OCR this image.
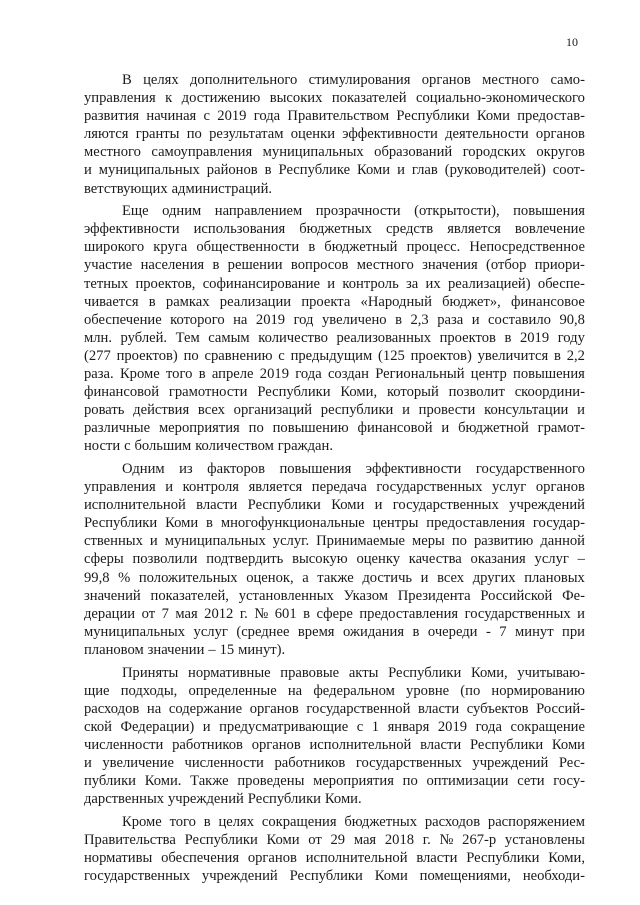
10
В целях дополнительного стимулирования органов местного само-
управления к достижению высоких показателей социально-экономического
развития начиная с 2019 года Правительством Республики Коми предостав-
ляются гранты по результатам оценки эффективности деятельности органов
местного самоуправления муниципальных образований городских округов
и муниципальных районов в Республике Коми и глав (руководителей) соот-
ветствующих администраций.
Еще одним направлением прозрачности (открытости), повышения
эффективности использования бюджетных средств является вовлечение
широкого круга общественности в бюджетный процесс. Непосредственное
участие населения в решении вопросов местного значения (отбор приори-
тетных проектов, софинансирование и контроль за их реализацией) обеспе-
чивается в рамках реализации проекта «Народный бюджет», финансовое
обеспечение которого на 2019 год увеличено в 2,3 раза и составило 90,8
млн. рублей. Тем самым количество реализованных проектов в 2019 году
(277 проектов) по сравнению с предыдущим (125 проектов) увеличится в 2,2
раза. Кроме того в апреле 2019 года создан Региональный центр повышения
финансовой грамотности Республики Коми, который позволит скоордини-
ровать действия всех организаций республики и провести консультации и
различные мероприятия по повышению финансовой и бюджетной грамот-
ности с большим количеством граждан.
Одним из факторов повышения эффективности государственного
управления и контроля является передача государственных услуг органов
исполнительной власти Республики Коми и государственных учреждений
Республики Коми в многофункциональные центры предоставления государ-
ственных и муниципальных услуг. Принимаемые меры по развитию данной
сферы позволили подтвердить высокую оценку качества оказания услуг –
99,8 % положительных оценок, а также достичь и всех других плановых
значений показателей, установленных Указом Президента Российской Фе-
дерации от 7 мая 2012 г. № 601 в сфере предоставления государственных и
муниципальных услуг (среднее время ожидания в очереди - 7 минут при
плановом значении – 15 минут).
Приняты нормативные правовые акты Республики Коми, учитываю-
щие подходы, определенные на федеральном уровне (по нормированию
расходов на содержание органов государственной власти субъектов Россий-
ской Федерации) и предусматривающие с 1 января 2019 года сокращение
численности работников органов исполнительной власти Республики Коми
и увеличение численности работников государственных учреждений Рес-
публики Коми. Также проведены мероприятия по оптимизации сети госу-
дарственных учреждений Республики Коми.
Кроме того в целях сокращения бюджетных расходов распоряжением
Правительства Республики Коми от 29 мая 2018 г. № 267-р установлены
нормативы обеспечения органов исполнительной власти Республики Коми,
государственных учреждений Республики Коми помещениями, необходи-
